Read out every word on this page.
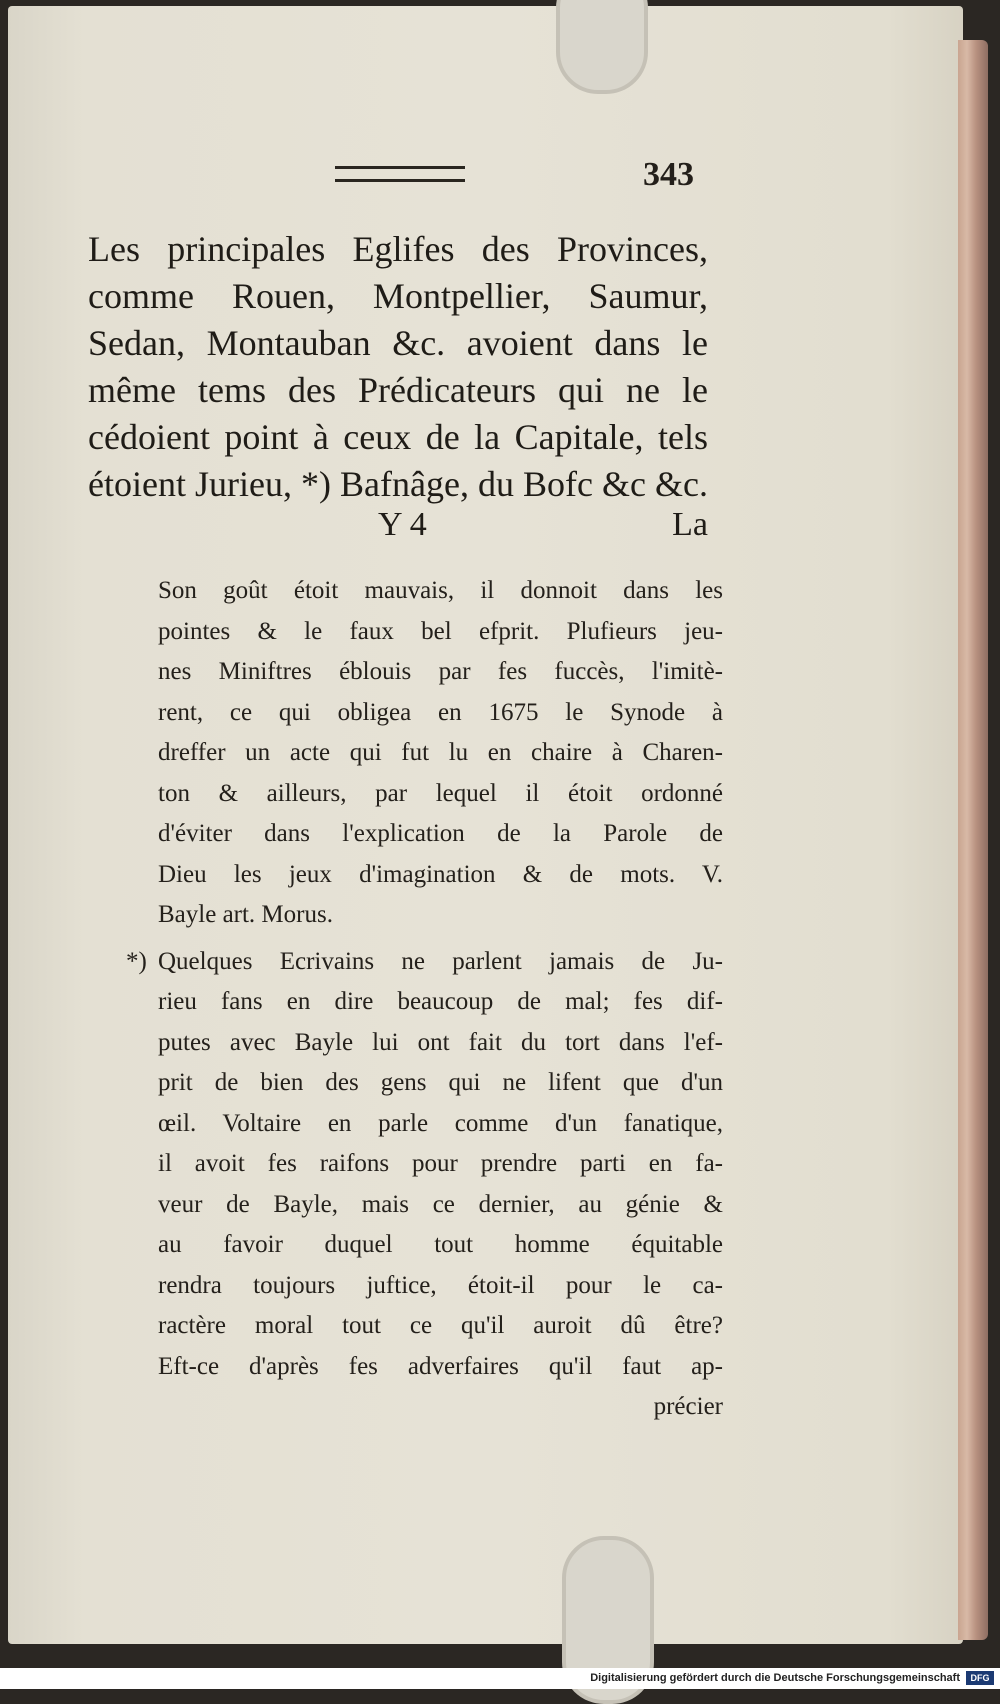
343
Les principales Eglifes des Provinces,
comme Rouen, Montpellier, Saumur,
Sedan, Montauban &c. avoient dans le
même tems des Prédicateurs qui ne le
cédoient point à ceux de la Capitale, tels
étoient Jurieu, *) Bafnâge, du Bofc &c &c.
Y 4	La
Son goût étoit mauvais, il donnoit dans les
pointes & le faux bel efprit. Plufieurs jeu-
nes Miniftres éblouis par fes fuccès, l'imitè-
rent, ce qui obligea en 1675 le Synode à
dreffer un acte qui fut lu en chaire à Charen-
ton & ailleurs, par lequel il étoit ordonné
d'éviter dans l'explication de la Parole de
Dieu les jeux d'imagination & de mots. V.
Bayle art. Morus.
*) Quelques Ecrivains ne parlent jamais de Ju-
rieu fans en dire beaucoup de mal; fes dif-
putes avec Bayle lui ont fait du tort dans l'ef-
prit de bien des gens qui ne lifent que d'un
œil. Voltaire en parle comme d'un fanatique,
il avoit fes raifons pour prendre parti en fa-
veur de Bayle, mais ce dernier, au génie &
au favoir duquel tout homme équitable
rendra toujours juftice, étoit-il pour le ca-
ractère moral tout ce qu'il auroit dû être?
Eft-ce d'après fes adverfaires qu'il faut ap-
précier
Digitalisierung gefördert durch die Deutsche Forschungsgemeinschaft	DFG
